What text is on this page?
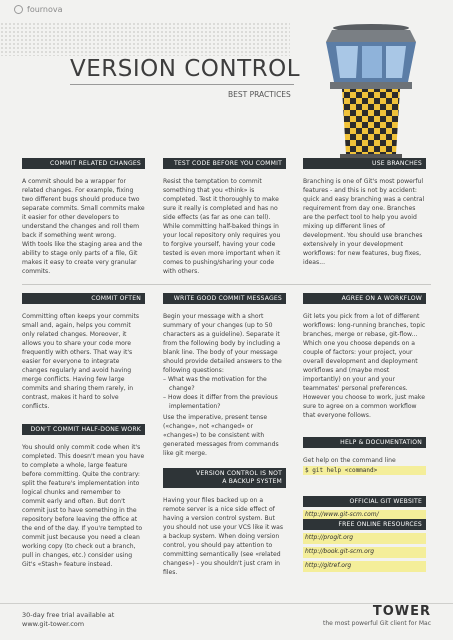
fournova
VERSION CONTROL
BEST PRACTICES
COMMIT RELATED CHANGES

A commit should be a wrapper for related changes. For example, fixing two different bugs should produce two separate commits. Small commits make it easier for other developers to understand the changes and roll them back if something went wrong.

With tools like the staging area and the ability to stage only parts of a file, Git makes it easy to create very granular commits.

TEST CODE BEFORE YOU COMMIT

Resist the temptation to commit something that you «think» is completed. Test it thoroughly to make sure it really is completed and has no side effects (as far as one can tell). While committing half-baked things in your local repository only requires you to forgive yourself, having your code tested is even more important when it comes to pushing/sharing your code with others.

USE BRANCHES

Branching is one of Git's most powerful features - and this is not by accident: quick and easy branching was a central requirement from day one. Branches are the perfect tool to help you avoid mixing up different lines of development. You should use branches extensively in your development workflows: for new features, bug fixes, ideas...

COMMIT OFTEN

Committing often keeps your commits small and, again, helps you commit only related changes. Moreover, it allows you to share your code more frequently with others. That way it's easier for everyone to integrate changes regularly and avoid having merge conflicts. Having few large commits and sharing them rarely, in contrast, makes it hard to solve conflicts.

DON'T COMMIT HALF-DONE WORK

You should only commit code when it's completed. This doesn't mean you have to complete a whole, large feature before committing. Quite the contrary: split the feature's implementation into logical chunks and remember to commit early and often. But don't commit just to have something in the repository before leaving the office at the end of the day. If you're tempted to commit just because you need a clean working copy (to check out a branch, pull in changes, etc.) consider using Git's «Stash» feature instead.

WRITE GOOD COMMIT MESSAGES

Begin your message with a short summary of your changes (up to 50 characters as a guideline). Separate it from the following body by including a blank line. The body of your message should provide detailed answers to the following questions:

– What was the motivation for the change?
– How does it differ from the previous implementation?

Use the imperative, present tense («change», not «changed» or «changes») to be consistent with generated messages from commands like git merge.

VERSION CONTROL IS NOT
A BACKUP SYSTEM

Having your files backed up on a remote server is a nice side effect of having a version control system. But you should not use your VCS like it was a backup system. When doing version control, you should pay attention to committing semantically (see «related changes») - you shouldn't just cram in files.

AGREE ON A WORKFLOW

Git lets you pick from a lot of different workflows: long-running branches, topic branches, merge or rebase, git-flow... Which one you choose depends on a couple of factors: your project, your overall development and deployment workflows and (maybe most importantly) on your and your teammates' personal preferences. However you choose to work, just make sure to agree on a common workflow that everyone follows.

HELP & DOCUMENTATION

Get help on the command line

$ git help <command>
OFFICIAL GIT WEBSITE
http://www.git-scm.com/
FREE ONLINE RESOURCES
http://progit.org
http://book.git-scm.org
http://gitref.org
30-day free trial available at
www.git-tower.com
TOWER
the most powerful Git client for Mac
